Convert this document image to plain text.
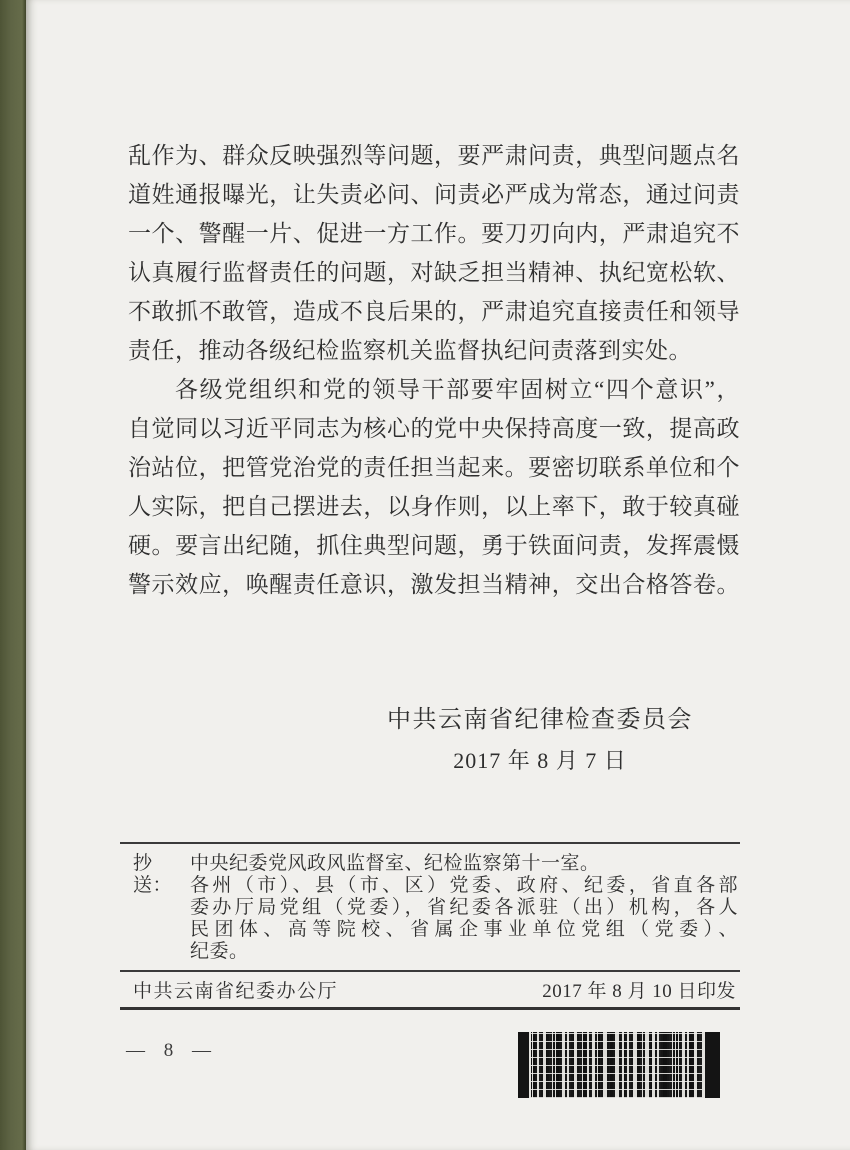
乱作为、群众反映强烈等问题，要严肃问责，典型问题点名
道姓通报曝光，让失责必问、问责必严成为常态，通过问责
一个、警醒一片、促进一方工作。要刀刃向内，严肃追究不
认真履行监督责任的问题，对缺乏担当精神、执纪宽松软、
不敢抓不敢管，造成不良后果的，严肃追究直接责任和领导
责任，推动各级纪检监察机关监督执纪问责落到实处。
各级党组织和党的领导干部要牢固树立“四个意识”，
自觉同以习近平同志为核心的党中央保持高度一致，提高政
治站位，把管党治党的责任担当起来。要密切联系单位和个
人实际，把自己摆进去，以身作则，以上率下，敢于较真碰
硬。要言出纪随，抓住典型问题，勇于铁面问责，发挥震慑
警示效应，唤醒责任意识，激发担当精神，交出合格答卷。
中共云南省纪律检查委员会
2017 年 8 月 7 日
抄送：
中央纪委党风政风监督室、纪检监察第十一室。
各州（市）、县（市、区）党委、政府、纪委，省直各部
委办厅局党组（党委），省纪委各派驻（出）机构，各人
民团体、高等院校、省属企事业单位党组（党委）、
纪委。
中共云南省纪委办公厅	2017 年 8 月 10 日印发
— 8 —
